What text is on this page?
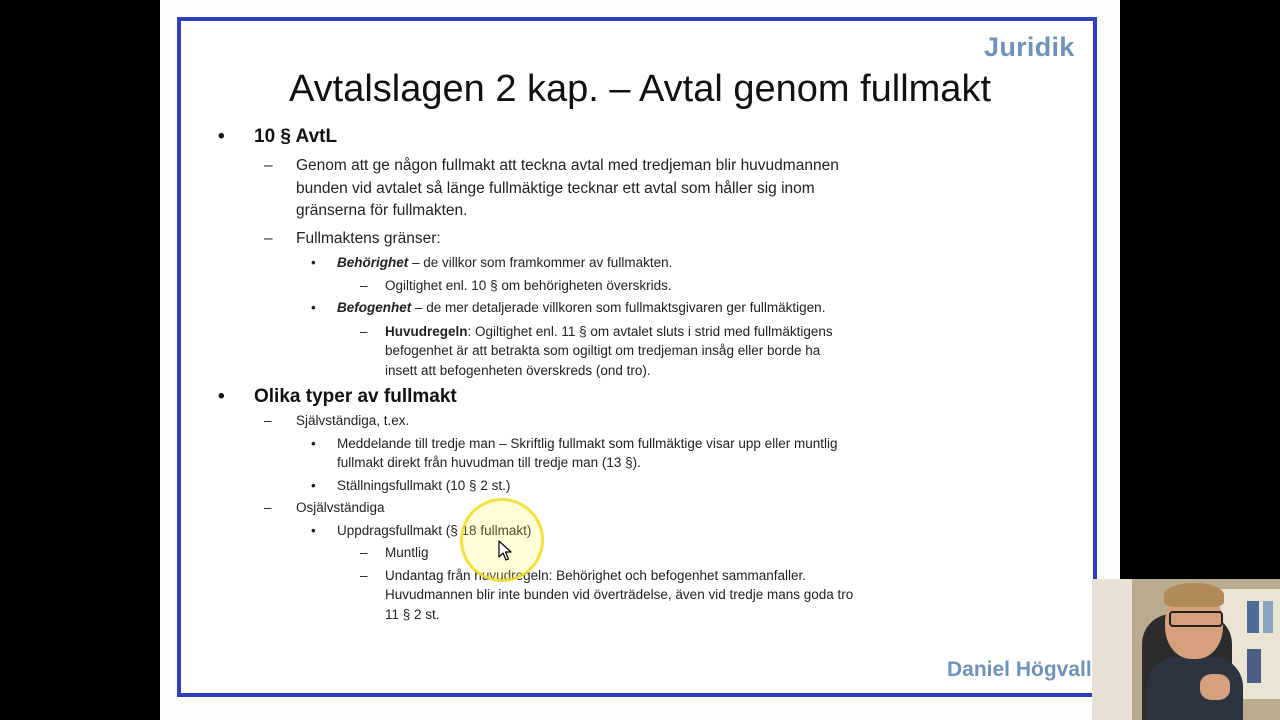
Juridik
Avtalslagen 2 kap. – Avtal genom fullmakt
• 10 § AvtL
– Genom att ge någon fullmakt att teckna avtal med tredjeman blir huvudmannen bunden vid avtalet så länge fullmäktige tecknar ett avtal som håller sig inom gränserna för fullmakten.
– Fullmaktens gränser:
• Behörighet – de villkor som framkommer av fullmakten.
– Ogiltighet enl. 10 § om behörigheten överskrids.
• Befogenhet – de mer detaljerade villkoren som fullmaktsgivaren ger fullmäktigen.
– Huvudregeln: Ogiltighet enl. 11 § om avtalet sluts i strid med fullmäktigens befogenhet är att betrakta som ogiltigt om tredjeman insåg eller borde ha insett att befogenheten överskreds (ond tro).
• Olika typer av fullmakt
– Självständiga, t.ex.
• Meddelande till tredje man – Skriftlig fullmakt som fullmäktige visar upp eller muntlig fullmakt direkt från huvudman till tredje man (13 §).
• Ställningsfullmakt (10 § 2 st.)
– Osjälvständiga
• Uppdragsfullmakt (§ 18 fullmakt)
– Muntlig
– Undantag från huvudregeln: Behörighet och befogenhet sammanfaller. Huvudmannen blir inte bunden vid överträdelse, även vid tredje mans goda tro 11 § 2 st.
Daniel Högvall
